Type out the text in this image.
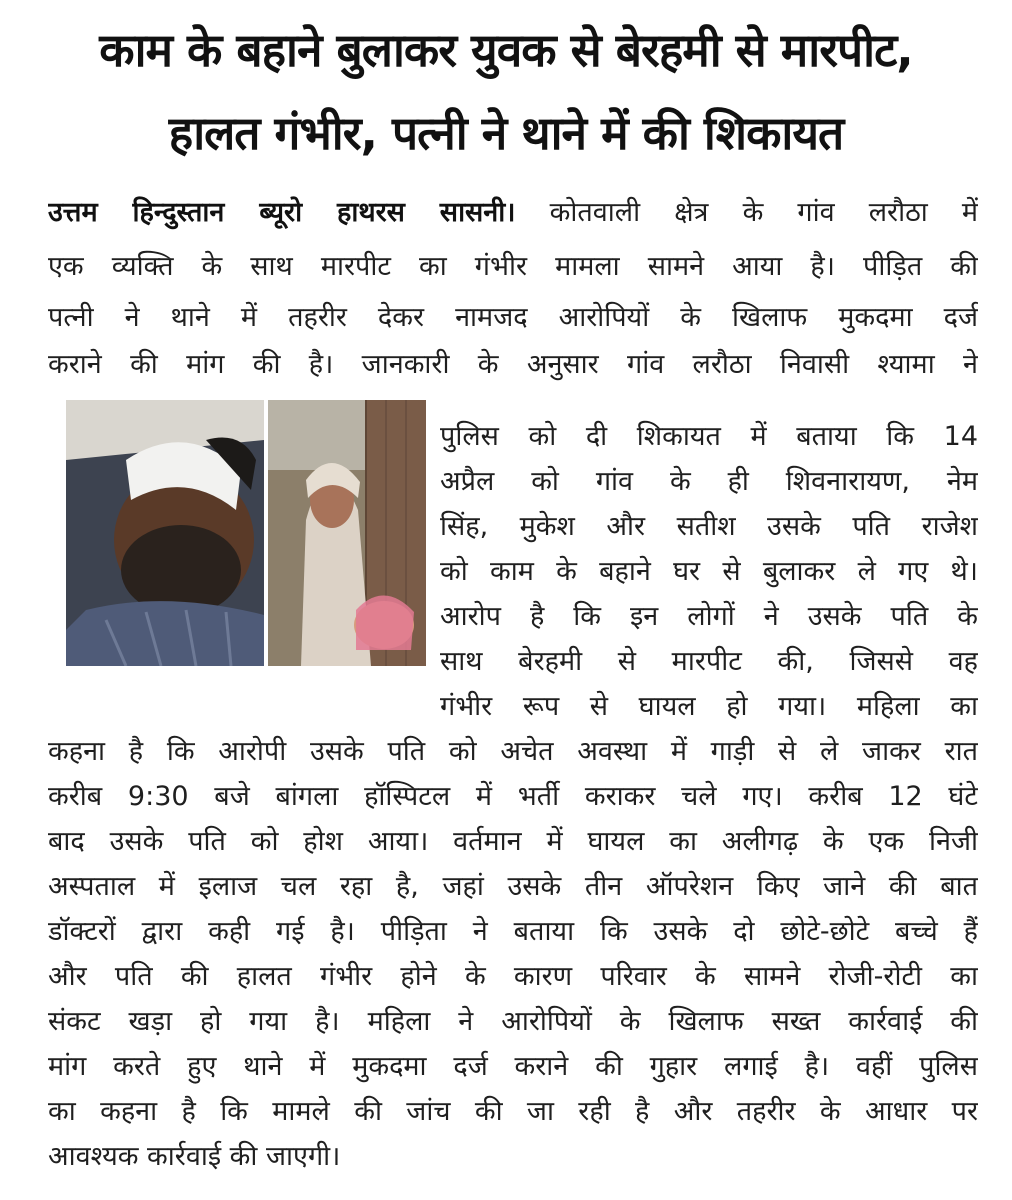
काम के बहाने बुलाकर युवक से बेरहमी से मारपीट,
हालत गंभीर, पत्नी ने थाने में की शिकायत

उत्तम हिन्दुस्तान ब्यूरो हाथरस सासनी। कोतवाली क्षेत्र के गांव लरौठा में

एक व्यक्ति के साथ मारपीट का गंभीर मामला सामने आया है। पीड़ित की

पत्नी ने थाने में तहरीर देकर नामजद आरोपियों के खिलाफ मुकदमा दर्ज

कराने की मांग की है। जानकारी के अनुसार गांव लरौठा निवासी श्यामा ने

पुलिस को दी शिकायत में बताया कि 14

अप्रैल को गांव के ही शिवनारायण, नेम

सिंह, मुकेश और सतीश उसके पति राजेश

को काम के बहाने घर से बुलाकर ले गए थे।

आरोप है कि इन लोगों ने उसके पति के

साथ बेरहमी से मारपीट की, जिससे वह

गंभीर रूप से घायल हो गया। महिला का

कहना है कि आरोपी उसके पति को अचेत अवस्था में गाड़ी से ले जाकर रात

करीब 9:30 बजे बांगला हॉस्पिटल में भर्ती कराकर चले गए। करीब 12 घंटे

बाद उसके पति को होश आया। वर्तमान में घायल का अलीगढ़ के एक निजी

अस्पताल में इलाज चल रहा है, जहां उसके तीन ऑपरेशन किए जाने की बात

डॉक्टरों द्वारा कही गई है। पीड़िता ने बताया कि उसके दो छोटे-छोटे बच्चे हैं

और पति की हालत गंभीर होने के कारण परिवार के सामने रोजी-रोटी का

संकट खड़ा हो गया है। महिला ने आरोपियों के खिलाफ सख्त कार्रवाई की

मांग करते हुए थाने में मुकदमा दर्ज कराने की गुहार लगाई है। वहीं पुलिस

का कहना है कि मामले की जांच की जा रही है और तहरीर के आधार पर

आवश्यक कार्रवाई की जाएगी।
